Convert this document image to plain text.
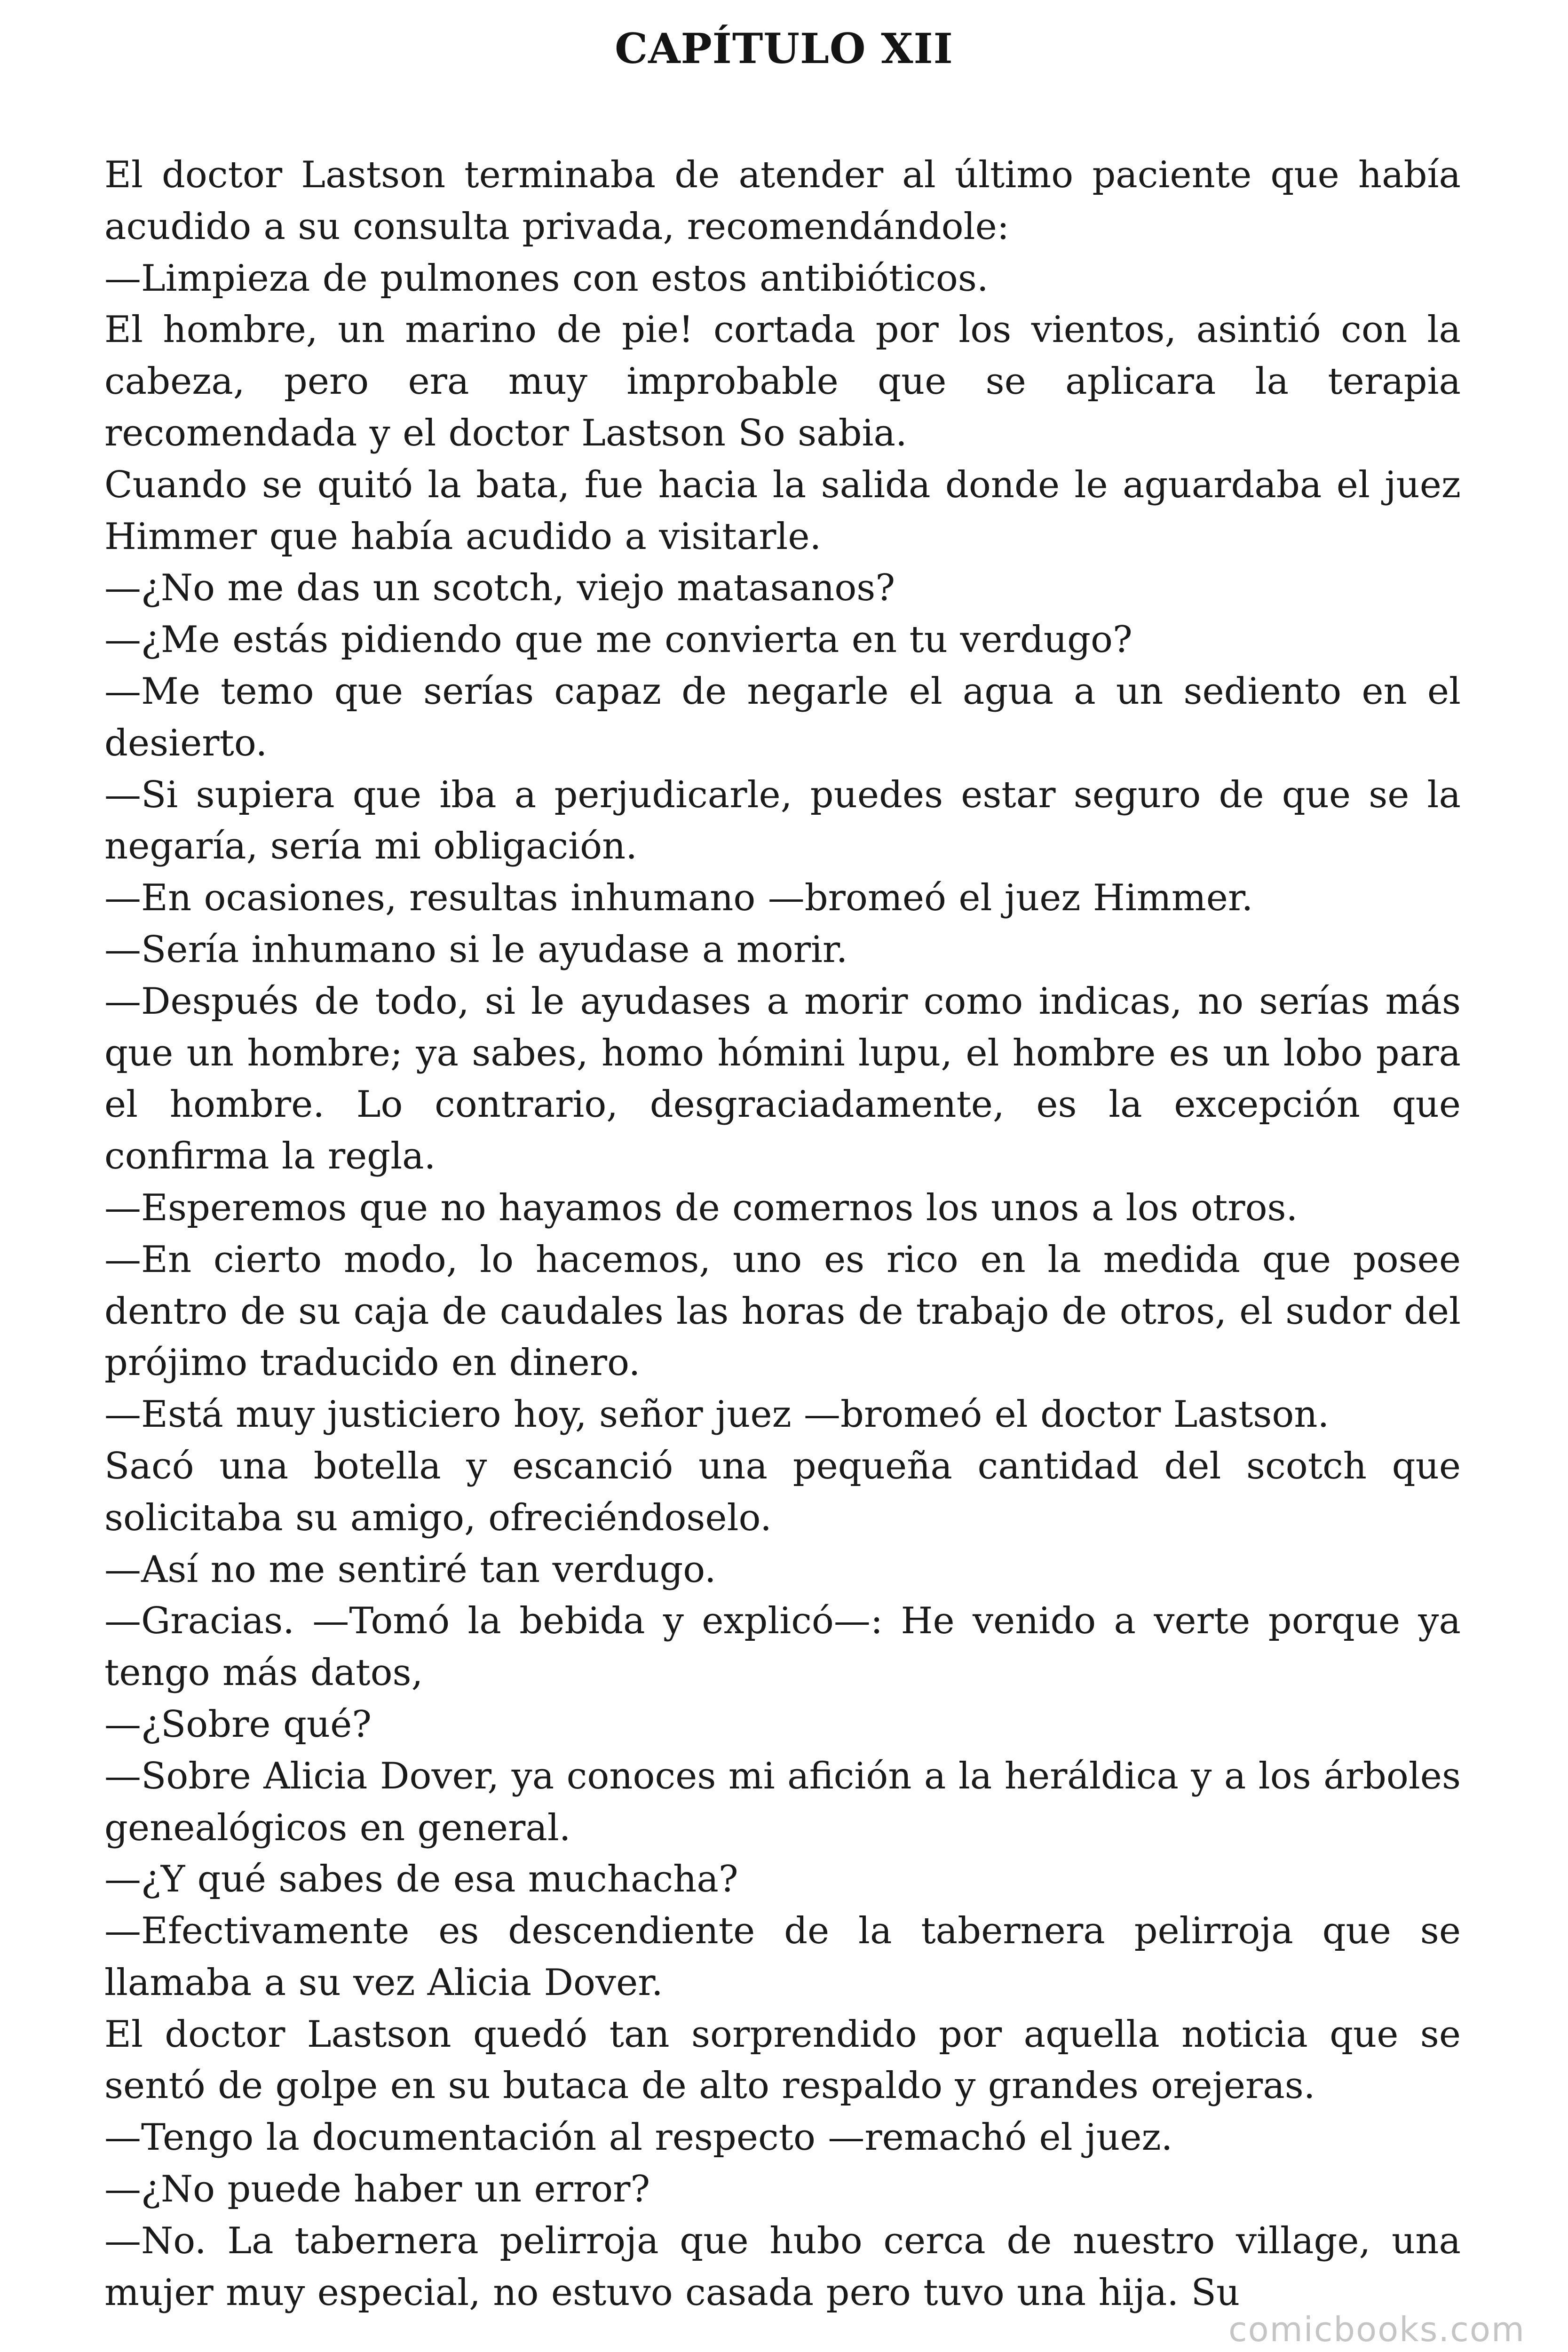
CAPÍTULO XII

El doctor Lastson terminaba de atender al último paciente que había acudido a su consulta privada, recomendándole:

—Limpieza de pulmones con estos antibióticos.

El hombre, un marino de pie! cortada por los vientos, asintió con la cabeza, pero era muy improbable que se aplicara la terapia recomendada y el doctor Lastson So sabia.

Cuando se quitó la bata, fue hacia la salida donde le aguardaba el juez Himmer que había acudido a visitarle.

—¿No me das un scotch, viejo matasanos?

—¿Me estás pidiendo que me convierta en tu verdugo?

—Me temo que serías capaz de negarle el agua a un sediento en el desierto.

—Si supiera que iba a perjudicarle, puedes estar seguro de que se la negaría, sería mi obligación.

—En ocasiones, resultas inhumano —bromeó el juez Himmer.

—Sería inhumano si le ayudase a morir.

—Después de todo, si le ayudases a morir como indicas, no serías más que un hombre; ya sabes, homo hómini lupu, el hombre es un lobo para el hombre. Lo contrario, desgraciadamente, es la excepción que confirma la regla.

—Esperemos que no hayamos de comernos los unos a los otros.

—En cierto modo, lo hacemos, uno es rico en la medida que posee dentro de su caja de caudales las horas de trabajo de otros, el sudor del prójimo traducido en dinero.

—Está muy justiciero hoy, señor juez —bromeó el doctor Lastson.

Sacó una botella y escanció una pequeña cantidad del scotch que solicitaba su amigo, ofreciéndoselo.

—Así no me sentiré tan verdugo.

—Gracias. —Tomó la bebida y explicó—: He venido a verte porque ya tengo más datos,

—¿Sobre qué?

—Sobre Alicia Dover, ya conoces mi afición a la heráldica y a los árboles genealógicos en general.

—¿Y qué sabes de esa muchacha?

—Efectivamente es descendiente de la tabernera pelirroja que se llamaba a su vez Alicia Dover.

El doctor Lastson quedó tan sorprendido por aquella noticia que se sentó de golpe en su butaca de alto respaldo y grandes orejeras.

—Tengo la documentación al respecto —remachó el juez.

—¿No puede haber un error?

—No. La tabernera pelirroja que hubo cerca de nuestro village, una mujer muy especial, no estuvo casada pero tuvo una hija. Su

comicbooks.com
